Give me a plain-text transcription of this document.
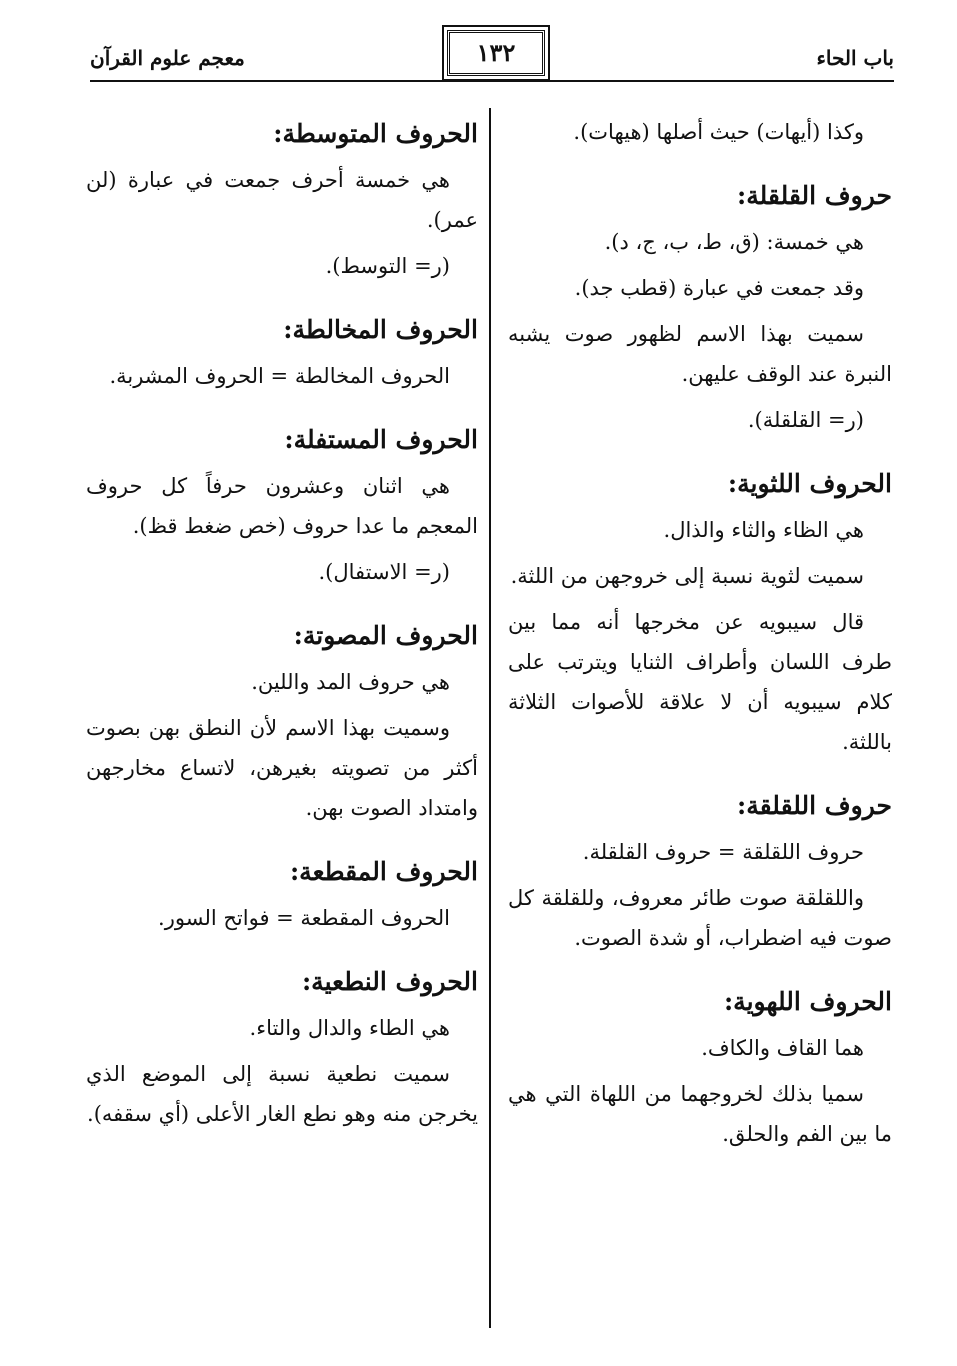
باب الحاء
١٣٢
معجم علوم القرآن

وكذا (أيهات) حيث أصلها (هيهات).

حروف القلقلة:

هي خمسة: (ق، ط، ب، ج، د).

وقد جمعت في عبارة (قطب جد).

سميت بهذا الاسم لظهور صوت يشبه النبرة عند الوقف عليهن.

(ر= القلقلة).

الحروف اللثوية:

هي الظاء والثاء والذال.

سميت لثوية نسبة إلى خروجهن من اللثة.

قال سيبويه عن مخرجها أنه مما بين طرف اللسان وأطراف الثنايا ويترتب على كلام سيبويه أن لا علاقة للأصوات الثلاثة باللثة.

حروف اللقلقة:

حروف اللقلقة = حروف القلقلة.

واللقلقة صوت طائر معروف، وللقلقة كل صوت فيه اضطراب، أو شدة الصوت.

الحروف اللهوية:

هما القاف والكاف.

سميا بذلك لخروجهما من اللهاة التي هي ما بين الفم والحلق.

الحروف المتوسطة:

هي خمسة أحرف جمعت في عبارة (لن عمر).

(ر= التوسط).

الحروف المخالطة:

الحروف المخالطة = الحروف المشربة.

الحروف المستفلة:

هي اثنان وعشرون حرفاً كل حروف المعجم ما عدا حروف (خص ضغط قظ).

(ر= الاستفال).

الحروف المصوتة:

هي حروف المد واللين.

وسميت بهذا الاسم لأن النطق بهن بصوت أكثر من تصويته بغيرهن، لاتساع مخارجهن وامتداد الصوت بهن.

الحروف المقطعة:

الحروف المقطعة = فواتح السور.

الحروف النطعية:

هي الطاء والدال والتاء.

سميت نطعية نسبة إلى الموضع الذي يخرجن منه وهو نطع الغار الأعلى (أي سقفه).
